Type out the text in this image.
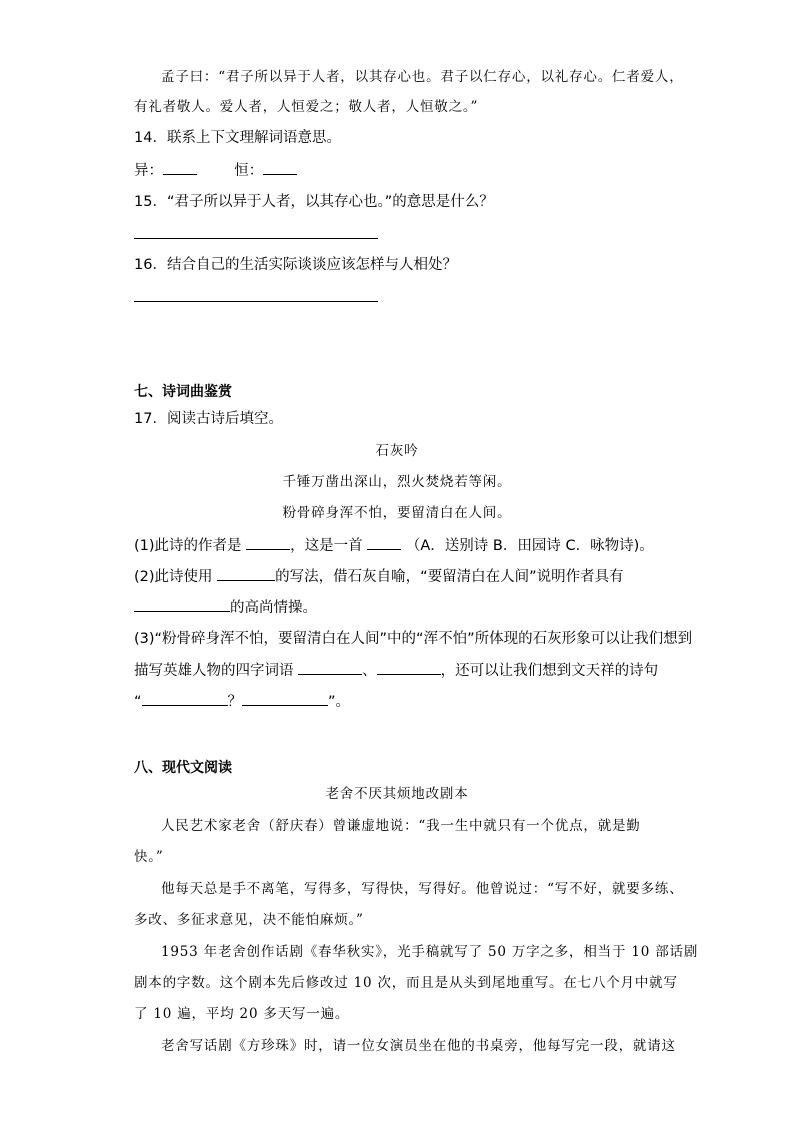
孟子曰：“君子所以异于人者，以其存心也。君子以仁存心，以礼存心。仁者爱人，
有礼者敬人。爱人者，人恒爱之；敬人者，人恒敬之。”
14．联系上下文理解词语意思。
异：	恒：
15．“君子所以异于人者，以其存心也。”的意思是什么？
16．结合自己的生活实际谈谈应该怎样与人相处？
七、诗词曲鉴赏
17．阅读古诗后填空。
石灰吟
千锤万凿出深山，烈火焚烧若等闲。
粉骨碎身浑不怕，要留清白在人间。
(1)此诗的作者是	，这是一首	（A．送别诗 B．田园诗 C．咏物诗)。
(2)此诗使用	的写法，借石灰自喻，“要留清白在人间”说明作者具有
的高尚情操。
(3)“粉骨碎身浑不怕，要留清白在人间”中的“浑不怕”所体现的石灰形象可以让我们想到
描写英雄人物的四字词语	、	，还可以让我们想到文天祥的诗句
“	？	”。
八、现代文阅读
老舍不厌其烦地改剧本
人民艺术家老舍（舒庆春）曾谦虚地说：“我一生中就只有一个优点，就是勤
快。”
他每天总是手不离笔，写得多，写得快，写得好。他曾说过：“写不好，就要多练、
多改、多征求意见，决不能怕麻烦。”
1953 年老舍创作话剧《春华秋实》，光手稿就写了 50 万字之多，相当于 10 部话剧
剧本的字数。这个剧本先后修改过 10 次，而且是从头到尾地重写。在七八个月中就写
了 10 遍，平均 20 多天写一遍。
老舍写话剧《方珍珠》时，请一位女演员坐在他的书桌旁，他每写完一段，就请这
